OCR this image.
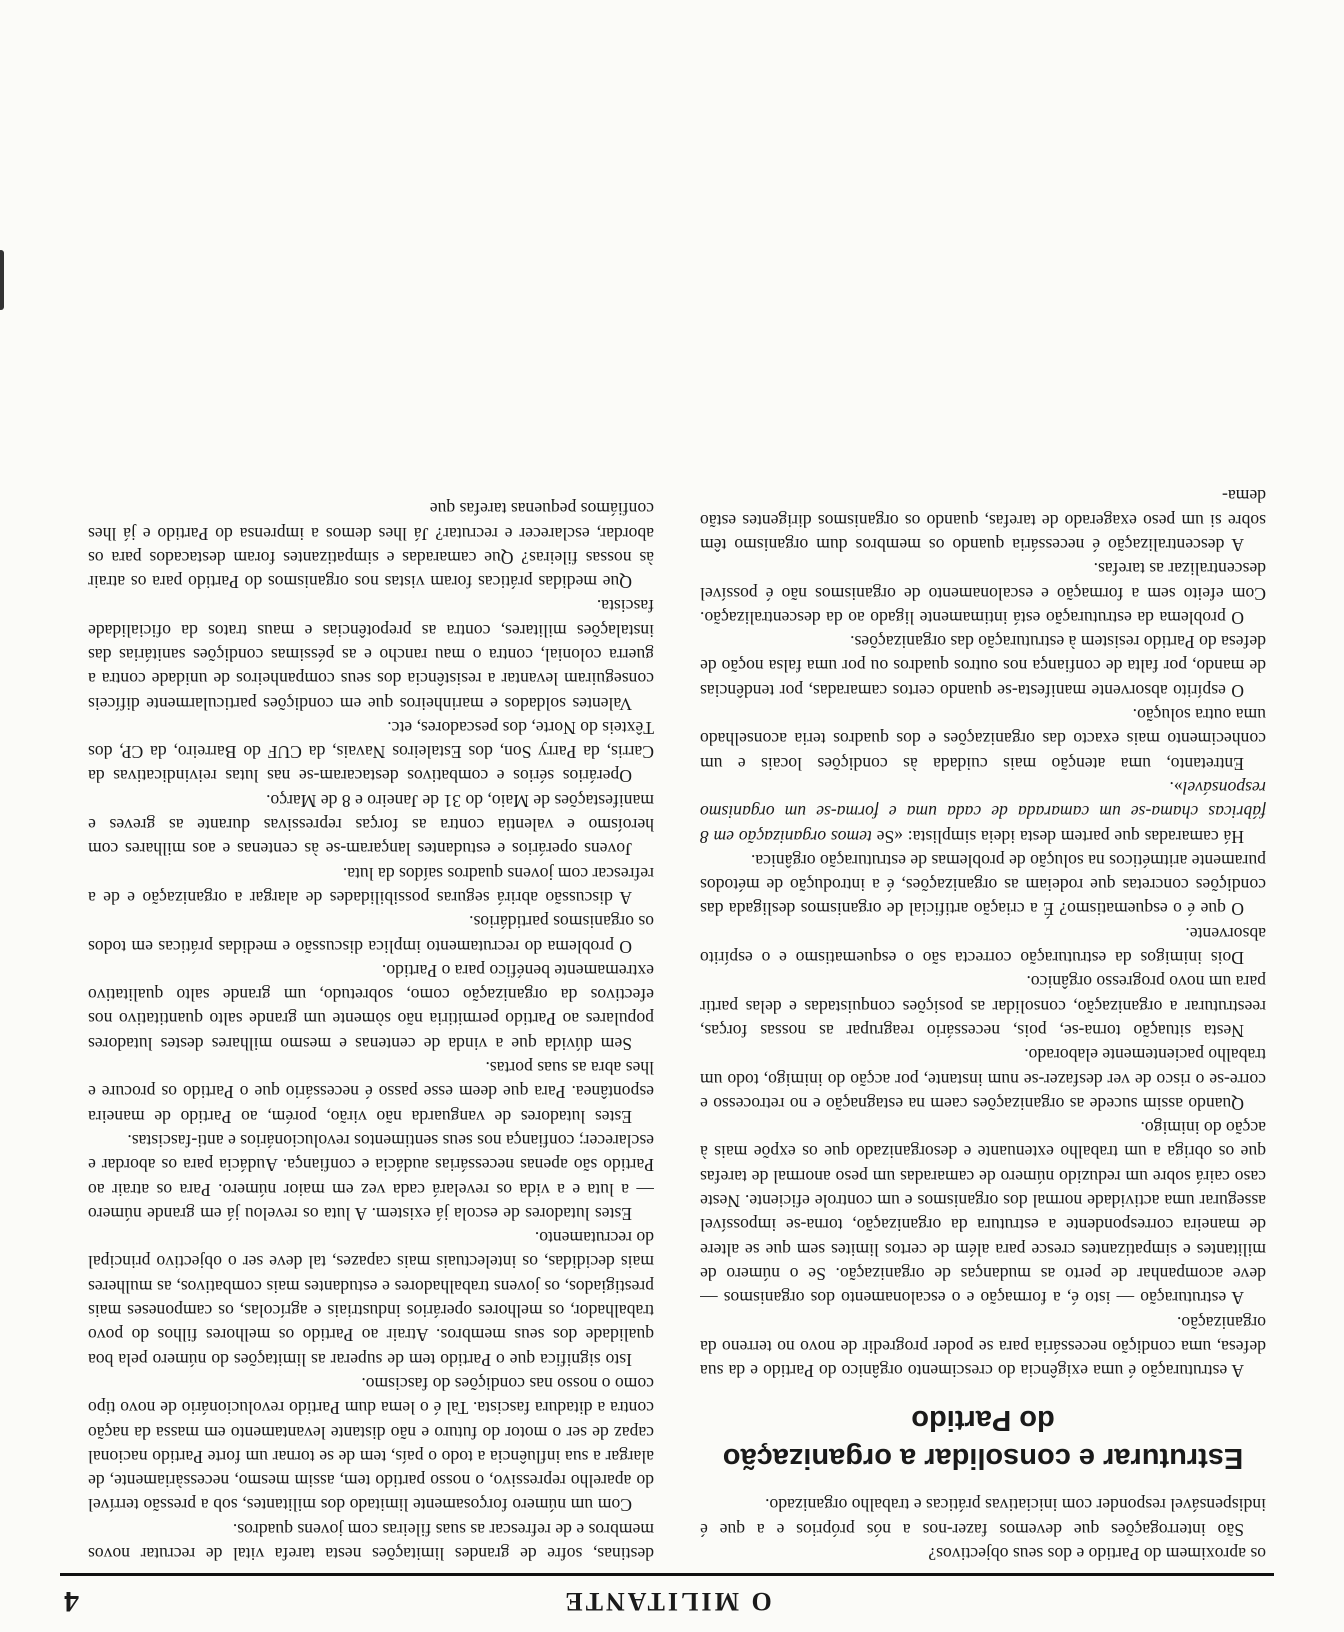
O MILITANTE
4

os aproximem do Partido e dos seus objectivos?

São interrogações que devemos fazer-nos a nós próprios e a que é indispensável responder com iniciativas práticas e trabalho organizado.

Estruturar e consolidar a organização
do Partido

A estruturação é uma exigência do crescimento orgânico do Partido e da sua defesa, uma condição necessária para se poder progredir de novo no terreno da organização.

A estruturação — isto é, a formação e o escalonamento dos organismos — deve acompanhar de perto as mudanças de organização. Se o número de militantes e simpatizantes cresce para além de certos limites sem que se altere de maneira correspondente a estrutura da organização, torna-se impossível assegurar uma actividade normal dos organismos e um controle eficiente. Neste caso cairá sobre um reduzido número de camaradas um peso anormal de tarefas que os obriga a um trabalho extenuante e desorganizado que os expõe mais à acção do inimigo.

Quando assim sucede as organizações caem na estagnação e no retrocesso e corre-se o risco de ver desfazer-se num instante, por acção do inimigo, todo um trabalho pacientemente elaborado.

Nesta situação torna-se, pois, necessário reagrupar as nossas forças, reestruturar a organização, consolidar as posições conquistadas e delas partir para um novo progresso orgânico.

Dois inimigos da estruturação correcta são o esquematismo e o espírito absorvente.

O que é o esquematismo? É a criação artificial de organismos desligada das condições concretas que rodeiam as organizações, é a introdução de métodos puramente aritméticos na solução de problemas de estruturação orgânica.

Há camaradas que partem desta ideia simplista: «Se temos organização em 8 fábricas chama-se um camarada de cada uma e forma-se um organismo responsável».

Entretanto, uma atenção mais cuidada às condições locais e um conhecimento mais exacto das organizações e dos quadros teria aconselhado uma outra solução.

O espírito absorvente manifesta-se quando certos camaradas, por tendências de mando, por falta de confiança nos outros quadros ou por uma falsa noção de defesa do Partido resistem à estruturação das organizações.

O problema da estruturação está intimamente ligado ao da descentralização. Com efeito sem a formação e escalonamento de organismos não é possível descentralizar as tarefas.

A descentralização é necessária quando os membros dum organismo têm sobre si um peso exagerado de tarefas, quando os organismos dirigentes estão dema-

destinas, sofre de grandes limitações nesta tarefa vital de recrutar novos membros e de refrescar as suas fileiras com jovens quadros.

Com um número forçosamente limitado dos militantes, sob a pressão terrível do aparelho repressivo, o nosso partido tem, assim mesmo, necessàriamente, de alargar a sua influência a todo o país, tem de se tornar um forte Partido nacional capaz de ser o motor do futuro e não distante levantamento em massa da nação contra a ditadura fascista. Tal é o lema dum Partido revolucionário de novo tipo como o nosso nas condições do fascismo.

Isto significa que o Partido tem de superar as limitações do número pela boa qualidade dos seus membros. Atrair ao Partido os melhores filhos do povo trabalhador, os melhores operários industriais e agrícolas, os camponeses mais prestigiados, os jovens trabalhadores e estudantes mais combativos, as mulheres mais decididas, os intelectuais mais capazes, tal deve ser o objectivo principal do recrutamento.

Estes lutadores de escola já existem. A luta os revelou já em grande número — a luta e a vida os revelará cada vez em maior número. Para os atrair ao Partido são apenas necessárias audácia e confiança. Audácia para os abordar e esclarecer; confiança nos seus sentimentos revolucionários e anti-fascistas.

Estes lutadores de vanguarda não virão, porém, ao Partido de maneira espontânea. Para que deem esse passo é necessário que o Partido os procure e lhes abra as suas portas.

Sem dúvida que a vinda de centenas e mesmo milhares destes lutadores populares ao Partido permitiria não sòmente um grande salto quantitativo nos efectivos da organização como, sobretudo, um grande salto qualitativo extremamente benéfico para o Partido.

O problema do recrutamento implica discussão e medidas práticas em todos os organismos partidários.

A discussão abrirá seguras possibilidades de alargar a organização e de a refrescar com jovens quadros saídos da luta.

Jovens operários e estudantes lançaram-se às centenas e aos milhares com heroísmo e valentia contra as forças repressivas durante as greves e manifestações de Maio, do 31 de Janeiro e 8 de Março.

Operários sérios e combativos destacaram-se nas lutas reivindicativas da Carris, da Parry Son, dos Estaleiros Navais, da CUF do Barreiro, da CP, dos Têxteis do Norte, dos pescadores, etc.

Valentes soldados e marinheiros que em condições particularmente difíceis conseguiram levantar a resistência dos seus companheiros de unidade contra a guerra colonial, contra o mau rancho e as péssimas condições sanitárias das instalações militares, contra as prepotências e maus tratos da oficialidade fascista.

Que medidas práticas foram vistas nos organismos do Partido para os atrair às nossas fileiras? Que camaradas e simpatizantes foram destacados para os abordar, esclarecer e recrutar? Já lhes demos a imprensa do Partido e já lhes confiámos pequenas tarefas que
